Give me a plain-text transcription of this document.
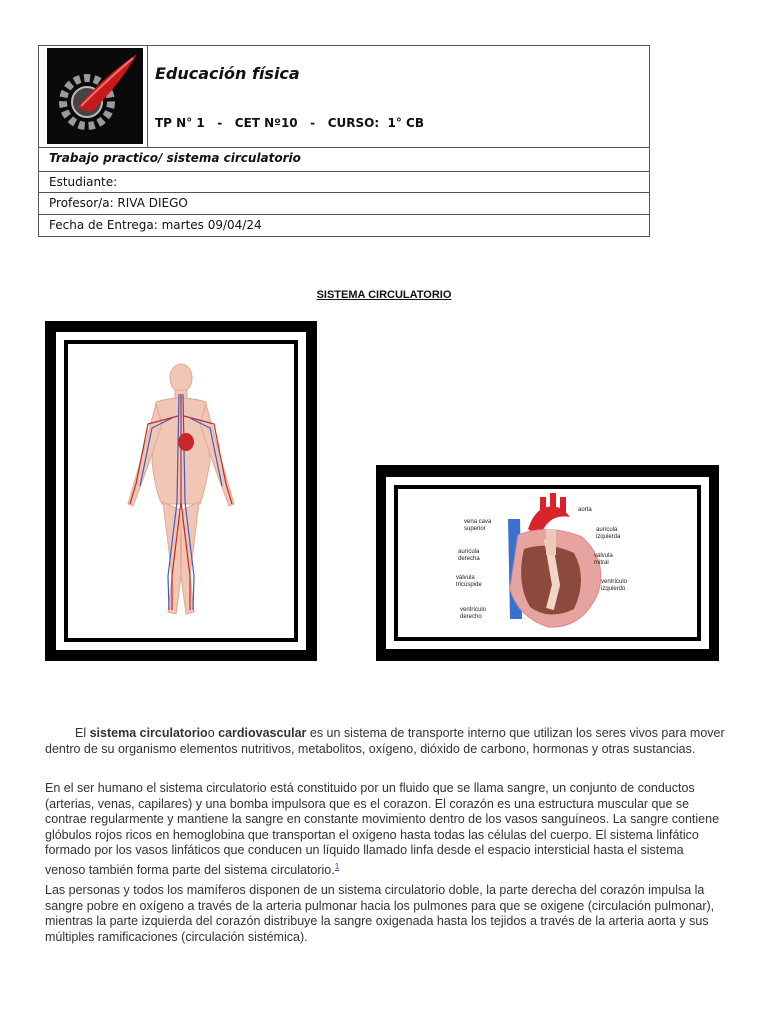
Educación física
TP N° 1   -   CET Nº10   -   CURSO:  1° CB
Trabajo practico/ sistema circulatorio
Estudiante:
Profesor/a: RIVA DIEGO
Fecha de Entrega: martes 09/04/24
SISTEMA CIRCULATORIO
aorta
vena cava
superior
aurícula
derecha
válvula
tricúspide
ventrículo
derecho
aurícula
izquierda
válvula
mitral
ventrículo
izquierdo
El sistema circulatorioo cardiovascular es un sistema de transporte interno que utilizan los seres vivos para mover dentro de su organismo elementos nutritivos, metabolitos, oxígeno, dióxido de carbono, hormonas y otras sustancias.
En el ser humano el sistema circulatorio está constituido por un fluido que se llama sangre, un conjunto de conductos (arterias, venas, capilares) y una bomba impulsora que es el corazon. El corazón es una estructura muscular que se contrae regularmente y mantiene la sangre en constante movimiento dentro de los vasos sanguíneos. La sangre contiene glóbulos rojos ricos en hemoglobina que transportan el oxígeno hasta todas las células del cuerpo. El sistema linfático formado por los vasos linfáticos que conducen un líquido llamado linfa desde el espacio intersticial hasta el sistema venoso también forma parte del sistema circulatorio.$^1$
Las personas y todos los mamíferos disponen de un sistema circulatorio doble, la parte derecha del corazón impulsa la sangre pobre en oxígeno a través de la arteria pulmonar hacia los pulmones para que se oxigene (circulación pulmonar), mientras la parte izquierda del corazón distribuye la sangre oxigenada hasta los tejidos a través de la arteria aorta y sus múltiples ramificaciones (circulación sistémica).
